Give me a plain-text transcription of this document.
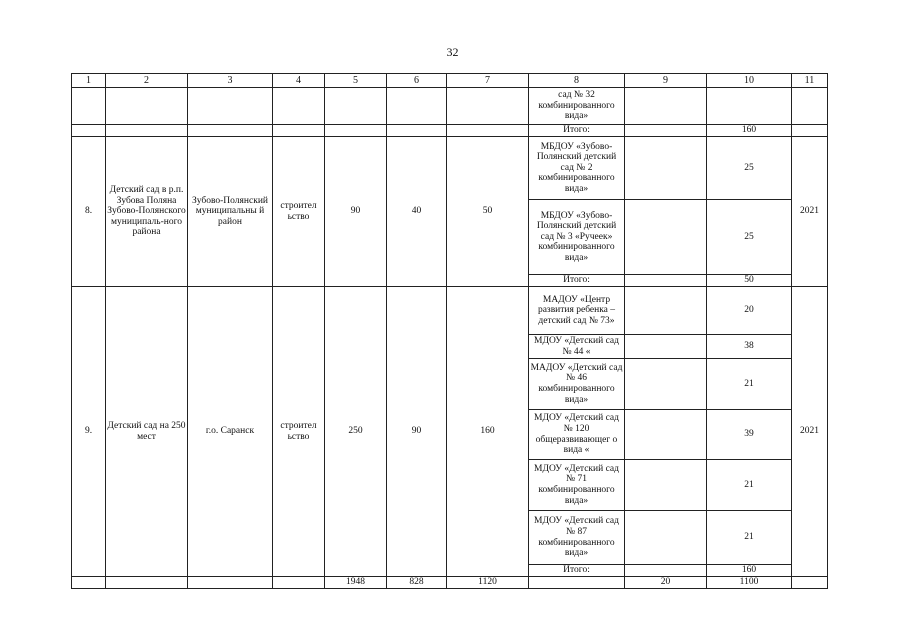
32
1	2	3	4	5	6	7	8	9	10	11
							сад № 32 комбинированного вида»			
							Итого:		160	
8.	Детский сад в р.п. Зубова Поляна Зубово-Полянского муниципаль-ного района	Зубово-Полянский муниципальны й район	строител ьство	90	40	50	МБДОУ «Зубово-Полянский детский сад № 2 комбинированного вида»		25	2021
							МБДОУ «Зубово-Полянский детский сад № 3 «Ручеек» комбинированного вида»		25	
							Итого:		50	
9.	Детский сад на 250 мест	г.о. Саранск	строител ьство	250	90	160	МАДОУ «Центр развития ребенка – детский сад № 73»		20	2021
							МДОУ «Детский сад № 44 «		38	
							МАДОУ «Детский сад № 46 комбинированного вида»		21	
							МДОУ «Детский сад № 120 общеразвивающег о вида «		39	
							МДОУ «Детский сад № 71 комбинированного вида»		21	
							МДОУ «Детский сад № 87 комбинированного вида»		21	
							Итого:		160	
				1948	828	1120		20	1100	
